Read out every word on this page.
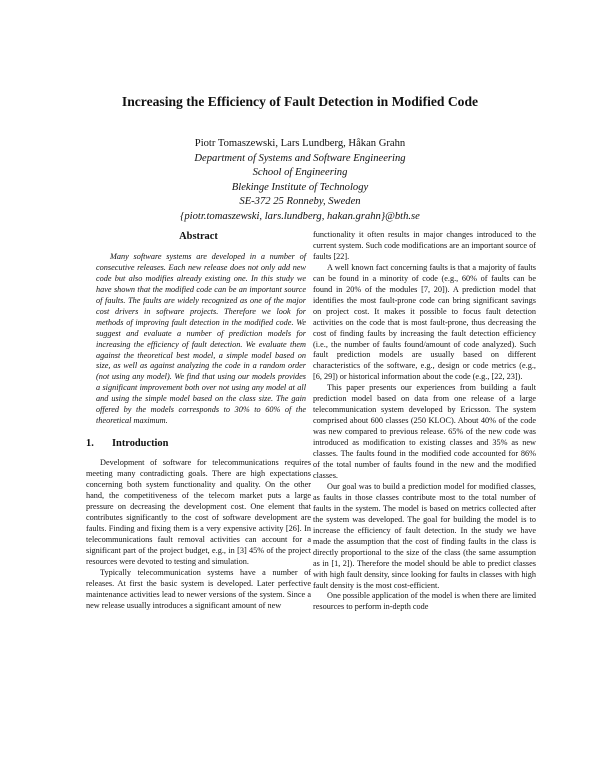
Increasing the Efficiency of Fault Detection in Modified Code
Piotr Tomaszewski, Lars Lundberg, Håkan Grahn
Department of Systems and Software Engineering
School of Engineering
Blekinge Institute of Technology
SE-372 25 Ronneby, Sweden
{piotr.tomaszewski, lars.lundberg, hakan.grahn}@bth.se
Abstract

Many software systems are developed in a number of consecutive releases. Each new release does not only add new code but also modifies already existing one. In this study we have shown that the modified code can be an important source of faults. The faults are widely recognized as one of the major cost drivers in software projects. Therefore we look for methods of improving fault detection in the modified code. We suggest and evaluate a number of prediction models for increasing the efficiency of fault detection. We evaluate them against the theoretical best model, a simple model based on size, as well as against analyzing the code in a random order (not using any model). We find that using our models provides a significant improvement both over not using any model at all and using the simple model based on the class size. The gain offered by the models corresponds to 30% to 60% of the theoretical maximum.

1. Introduction

Development of software for telecommunications requires meeting many contradicting goals. There are high expectations concerning both system functionality and quality. On the other hand, the competitiveness of the telecom market puts a large pressure on decreasing the development cost. One element that contributes significantly to the cost of software development are faults. Finding and fixing them is a very expensive activity [26]. In telecommunications fault removal activities can account for a significant part of the project budget, e.g., in [3] 45% of the project resources were devoted to testing and simulation.

Typically telecommunication systems have a number of releases. At first the basic system is developed. Later perfective maintenance activities lead to newer versions of the system. Since a new release usually introduces a significant amount of new

functionality it often results in major changes introduced to the current system. Such code modifications are an important source of faults [22].

A well known fact concerning faults is that a majority of faults can be found in a minority of code (e.g., 60% of faults can be found in 20% of the modules [7, 20]). A prediction model that identifies the most fault-prone code can bring significant savings on project cost. It makes it possible to focus fault detection activities on the code that is most fault-prone, thus decreasing the cost of finding faults by increasing the fault detection efficiency (i.e., the number of faults found/amount of code analyzed). Such fault prediction models are usually based on different characteristics of the software, e.g., design or code metrics (e.g., [6, 29]) or historical information about the code (e.g., [22, 23]).

This paper presents our experiences from building a fault prediction model based on data from one release of a large telecommunication system developed by Ericsson. The system comprised about 600 classes (250 KLOC). About 40% of the code was new compared to previous release. 65% of the new code was introduced as modification to existing classes and 35% as new classes. The faults found in the modified code accounted for 86% of the total number of faults found in the new and the modified classes.

Our goal was to build a prediction model for modified classes, as faults in those classes contribute most to the total number of faults in the system. The model is based on metrics collected after the system was developed. The goal for building the model is to increase the efficiency of fault detection. In the study we have made the assumption that the cost of finding faults in the class is directly proportional to the size of the class (the same assumption as in [1, 2]). Therefore the model should be able to predict classes with high fault density, since looking for faults in classes with high fault density is the most cost-efficient.

One possible application of the model is when there are limited resources to perform in-depth code
